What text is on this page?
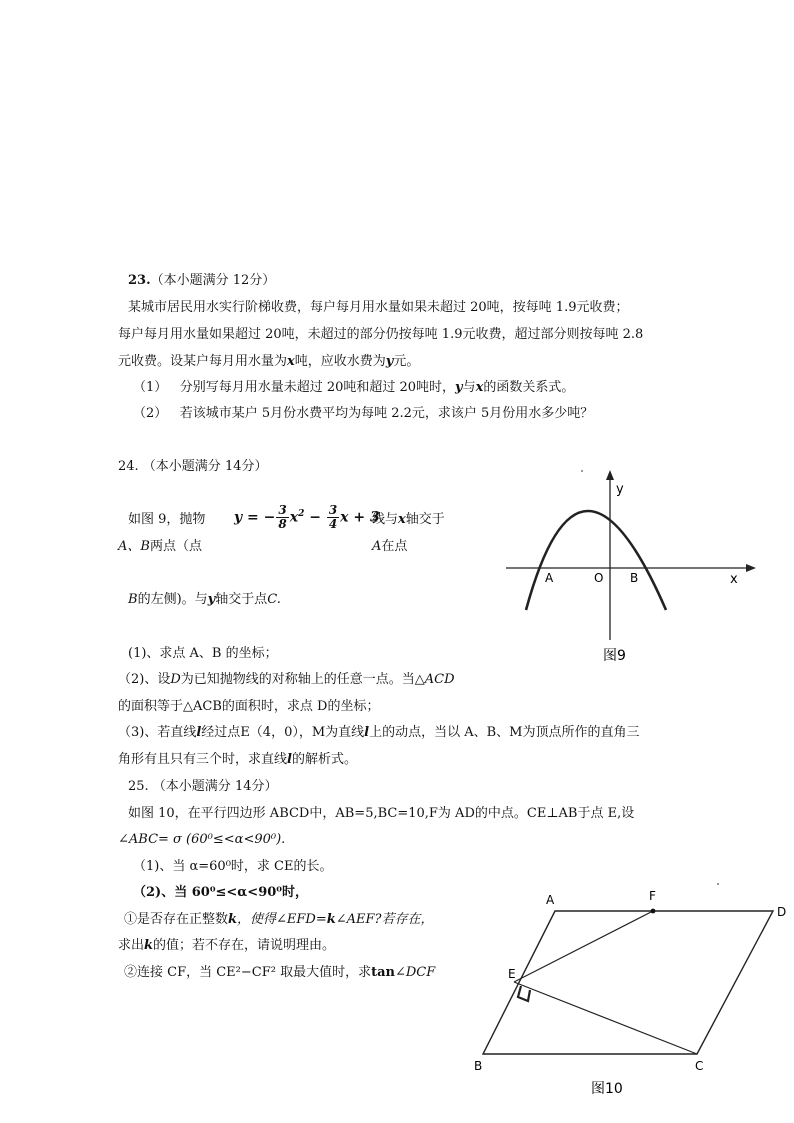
23.（本小题满分 12分）
某城市居民用水实行阶梯收费，每户每月用水量如果未超过 20吨，按每吨 1.9元收费；
每户每月用水量如果超过 20吨，未超过的部分仍按每吨 1.9元收费，超过部分则按每吨 2.8
元收费。设某户每月用水量为x吨，应收水费为y元。
（1） 分别写每月用水量未超过 20吨和超过 20吨时，y与x的函数关系式。
（2） 若该城市某户 5月份水费平均为每吨 2.2元，求该户 5月份用水多少吨？
24. （本小题满分 14分）
如图 9，抛物 y = − $\frac{3}{8} x^2 - \frac{3}{4}$ x + 3
线与x轴交于
A、B两点（点	A在点
B的左侧)。与y轴交于点C.
(1)、求点 A、B 的坐标；
（2)、设D为已知抛物线的对称轴上的任意一点。当△ACD
的面积等于△ACB的面积时，求点 D的坐标；
（3)、若直线l经过点E（4，0），M为直线l上的动点，当以 A、B、M为顶点所作的直角三
角形有且只有三个时，求直线l的解析式。
y
x
A	O B
图9
25. （本小题满分 14分）
如图 10，在平行四边形 ABCD中，AB=5,BC=10,F为 AD的中点。CE⊥AB于点 E,设
∠ABC= σ (60⁰≤<α<90⁰).
（1)、当 α=60⁰时，求 CE的长。
（2)、当 60⁰≤<α<90⁰时，
①是否存在正整数k，使得∠EFD=k∠AEF?若存在，
求出k的值；若不存在，请说明理由。
②连接 CF，当 CE²−CF² 取最大值时，求tan∠DCF
A	F
D
E
B	C
图10
